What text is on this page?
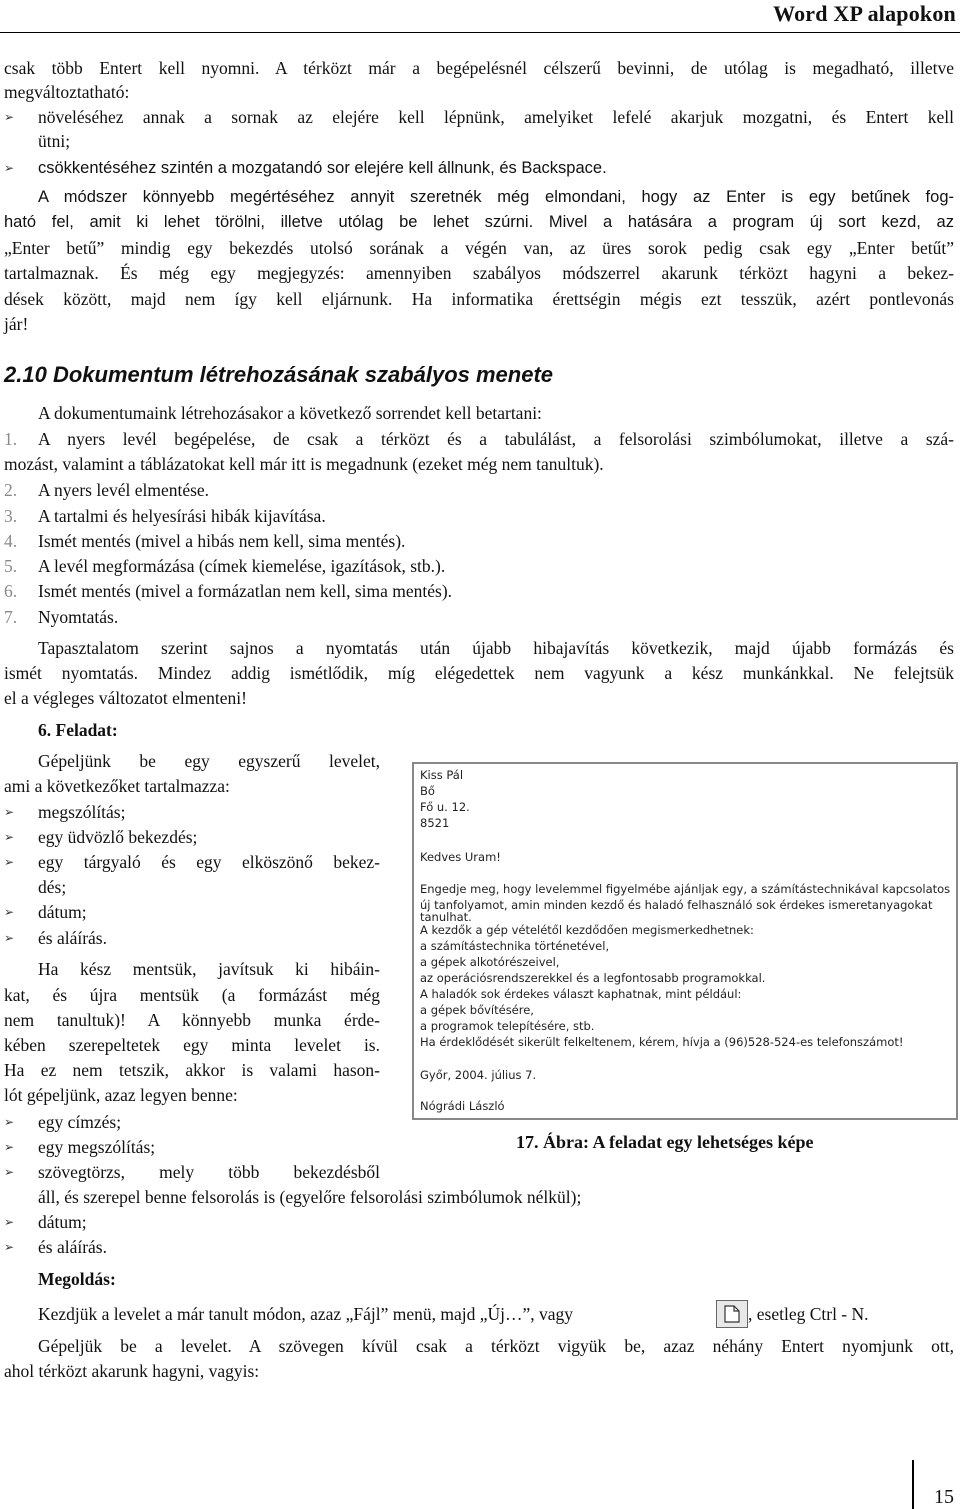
Word XP alapokon
csak több Entert kell nyomni. A térközt már a begépelésnél célszerű bevinni, de utólag is megadható, illetve
megváltoztatható:
➢ növeléséhez annak a sornak az elejére kell lépnünk, amelyiket lefelé akarjuk mozgatni, és Entert kell
ütni;
➢ csökkentéséhez szintén a mozgatandó sor elejére kell állnunk, és Backspace.
A módszer könnyebb megértéséhez annyit szeretnék még elmondani, hogy az Enter is egy betűnek fog-
ható fel, amit ki lehet törölni, illetve utólag be lehet szúrni. Mivel a hatására a program új sort kezd, az
„Enter betű” mindig egy bekezdés utolsó sorának a végén van, az üres sorok pedig csak egy „Enter betűt”
tartalmaznak. És még egy megjegyzés: amennyiben szabályos módszerrel akarunk térközt hagyni a bekez-
dések között, majd nem így kell eljárnunk. Ha informatika érettségin mégis ezt tesszük, azért pontlevonás
jár!
2.10 Dokumentum létrehozásának szabályos menete
A dokumentumaink létrehozásakor a következő sorrendet kell betartani:
1. A nyers levél begépelése, de csak a térközt és a tabulálást, a felsorolási szimbólumokat, illetve a szá-
mozást, valamint a táblázatokat kell már itt is megadnunk (ezeket még nem tanultuk).
2. A nyers levél elmentése.
3. A tartalmi és helyesírási hibák kijavítása.
4. Ismét mentés (mivel a hibás nem kell, sima mentés).
5. A levél megformázása (címek kiemelése, igazítások, stb.).
6. Ismét mentés (mivel a formázatlan nem kell, sima mentés).
7. Nyomtatás.
Tapasztalatom szerint sajnos a nyomtatás után újabb hibajavítás következik, majd újabb formázás és
ismét nyomtatás. Mindez addig ismétlődik, míg elégedettek nem vagyunk a kész munkánkkal. Ne felejtsük
el a végleges változatot elmenteni!
6. Feladat:
Gépeljünk be egy egyszerű levelet,
ami a következőket tartalmazza:
➢ megszólítás;
➢ egy üdvözlő bekezdés;
➢ egy tárgyaló és egy elköszönő bekez-
dés;
➢ dátum;
➢ és aláírás.
Ha kész mentsük, javítsuk ki hibáin-
kat, és újra mentsük (a formázást még
nem tanultuk)! A könnyebb munka érde-
kében szerepeltetek egy minta levelet is.
Ha ez nem tetszik, akkor is valami hason-
lót gépeljünk, azaz legyen benne:
➢ egy címzés;
➢ egy megszólítás;
➢ szövegtörzs, mely több bekezdésből
áll, és szerepel benne felsorolás is (egyelőre felsorolási szimbólumok nélkül);
➢ dátum;
➢ és aláírás.
Kiss Pál
Bő
Fő u. 12.
8521
Kedves Uram!
Engedje meg, hogy levelemmel figyelmébe ajánljak egy, a számítástechnikával kapcsolatos
új tanfolyamot, amin minden kezdő és haladó felhasználó sok érdekes ismeretanyagokat
tanulhat.
A kezdők a gép vételétől kezdődően megismerkedhetnek:
a számítástechnika történetével,
a gépek alkotórészeivel,
az operációsrendszerekkel és a legfontosabb programokkal.
A haladók sok érdekes választ kaphatnak, mint például:
a gépek bővítésére,
a programok telepítésére, stb.
Ha érdeklődését sikerült felkeltenem, kérem, hívja a (96)528-524-es telefonszámot!
Győr, 2004. július 7.
Nógrádi László
17. Ábra: A feladat egy lehetséges képe
Megoldás:
Kezdjük a levelet a már tanult módon, azaz „Fájl” menü, majd „Új…”, vagy	, esetleg Ctrl - N.
Gépeljük be a levelet. A szövegen kívül csak a térközt vigyük be, azaz néhány Entert nyomjunk ott,
ahol térközt akarunk hagyni, vagyis:
15
